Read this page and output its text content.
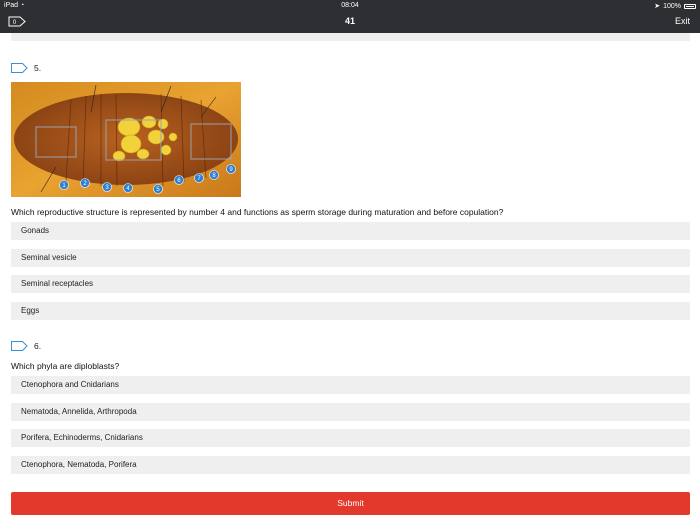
iPad ◔	08:04	➤ 100%
0	41	Exit
5.
1	2
3	4	5
6	7 8
9
Which reproductive structure is represented by number 4 and functions as sperm storage during maturation and before copulation?
Gonads
Seminal vesicle
Seminal receptacles
Eggs
6.
Which phyla are diploblasts?
Ctenophora and Cnidarians
Nematoda, Annelida, Arthropoda
Porifera, Echinoderms, Cnidarians
Ctenophora, Nematoda, Porifera
Submit
